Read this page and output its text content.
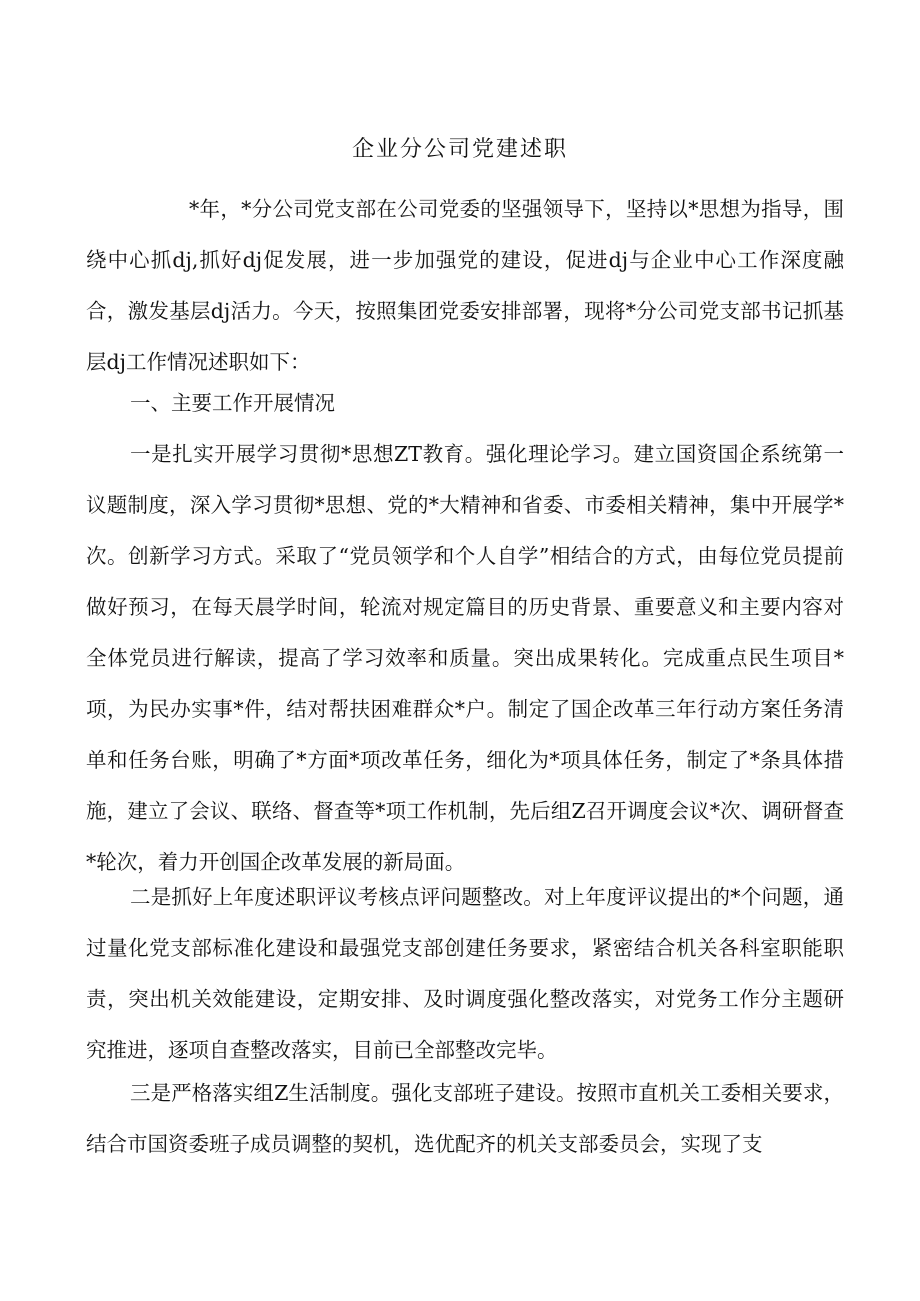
企业分公司党建述职

*年，*分公司党支部在公司党委的坚强领导下，坚持以*思想为指导，围绕中心抓dj,抓好dj促发展，进一步加强党的建设，促进dj与企业中心工作深度融合，激发基层dj活力。今天，按照集团党委安排部署，现将*分公司党支部书记抓基层dj工作情况述职如下：

一、主要工作开展情况

一是扎实开展学习贯彻*思想ZT教育。强化理论学习。建立国资国企系统第一议题制度，深入学习贯彻*思想、党的*大精神和省委、市委相关精神，集中开展学*次。创新学习方式。采取了“党员领学和个人自学”相结合的方式，由每位党员提前做好预习，在每天晨学时间，轮流对规定篇目的历史背景、重要意义和主要内容对全体党员进行解读，提高了学习效率和质量。突出成果转化。完成重点民生项目*项，为民办实事*件，结对帮扶困难群众*户。制定了国企改革三年行动方案任务清单和任务台账，明确了*方面*项改革任务，细化为*项具体任务，制定了*条具体措施，建立了会议、联络、督查等*项工作机制，先后组Z召开调度会议*次、调研督查*轮次，着力开创国企改革发展的新局面。

二是抓好上年度述职评议考核点评问题整改。对上年度评议提出的*个问题，通过量化党支部标准化建设和最强党支部创建任务要求，紧密结合机关各科室职能职责，突出机关效能建设，定期安排、及时调度强化整改落实，对党务工作分主题研究推进，逐项自查整改落实，目前已全部整改完毕。

三是严格落实组Z生活制度。强化支部班子建设。按照市直机关工委相关要求，结合市国资委班子成员调整的契机，选优配齐的机关支部委员会，实现了支
